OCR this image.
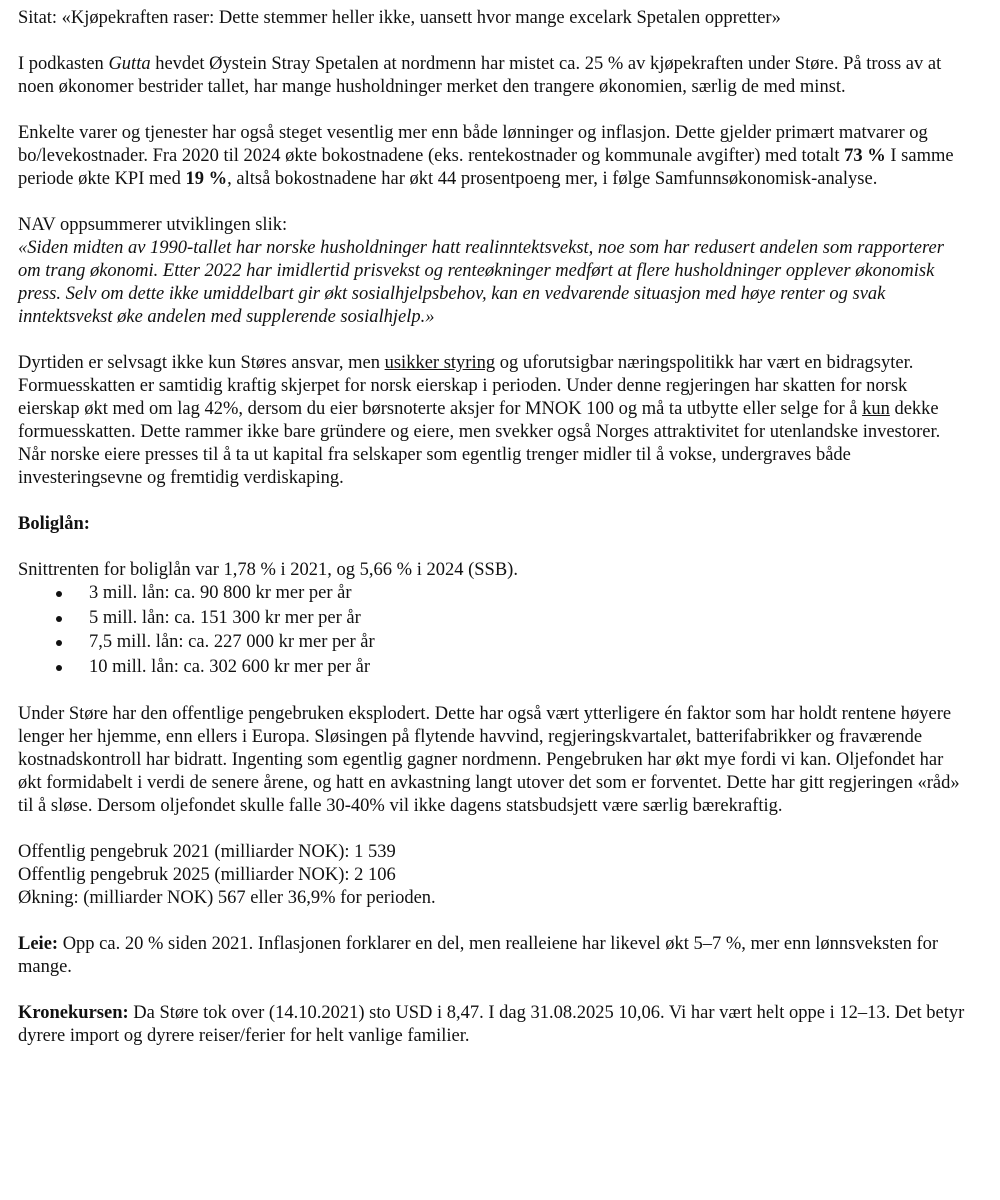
Sitat: «Kjøpekraften raser: Dette stemmer heller ikke, uansett hvor mange excelark Spetalen oppretter»

I podkasten Gutta hevdet Øystein Stray Spetalen at nordmenn har mistet ca. 25 % av kjøpekraften under Støre. På tross av at noen økonomer bestrider tallet, har mange husholdninger merket den trangere økonomien, særlig de med minst.

Enkelte varer og tjenester har også steget vesentlig mer enn både lønninger og inflasjon. Dette gjelder primært matvarer og bo/levekostnader. Fra 2020 til 2024 økte bokostnadene (eks. rentekostnader og kommunale avgifter) med totalt 73 % I samme periode økte KPI med 19 %, altså bokostnadene har økt 44 prosentpoeng mer, i følge Samfunnsøkonomisk-analyse.

NAV oppsummerer utviklingen slik:

«Siden midten av 1990-tallet har norske husholdninger hatt realinntektsvekst, noe som har redusert andelen som rapporterer om trang økonomi. Etter 2022 har imidlertid prisvekst og renteøkninger medført at flere husholdninger opplever økonomisk press. Selv om dette ikke umiddelbart gir økt sosialhjelpsbehov, kan en vedvarende situasjon med høye renter og svak inntektsvekst øke andelen med supplerende sosialhjelp.»

Dyrtiden er selvsagt ikke kun Støres ansvar, men usikker styring og uforutsigbar næringspolitikk har vært en bidragsyter. Formuesskatten er samtidig kraftig skjerpet for norsk eierskap i perioden. Under denne regjeringen har skatten for norsk eierskap økt med om lag 42%, dersom du eier børsnoterte aksjer for MNOK 100 og må ta utbytte eller selge for å kun dekke formuesskatten. Dette rammer ikke bare gründere og eiere, men svekker også Norges attraktivitet for utenlandske investorer. Når norske eiere presses til å ta ut kapital fra selskaper som egentlig trenger midler til å vokse, undergraves både investeringsevne og fremtidig verdiskaping.

Boliglån:

Snittrenten for boliglån var 1,78 % i 2021, og 5,66 % i 2024 (SSB).

3 mill. lån: ca. 90 800 kr mer per år
5 mill. lån: ca. 151 300 kr mer per år
7,5 mill. lån: ca. 227 000 kr mer per år
10 mill. lån: ca. 302 600 kr mer per år

Under Støre har den offentlige pengebruken eksplodert. Dette har også vært ytterligere én faktor som har holdt rentene høyere lenger her hjemme, enn ellers i Europa. Sløsingen på flytende havvind, regjeringskvartalet, batterifabrikker og fraværende kostnadskontroll har bidratt. Ingenting som egentlig gagner nordmenn. Pengebruken har økt mye fordi vi kan. Oljefondet har økt formidabelt i verdi de senere årene, og hatt en avkastning langt utover det som er forventet. Dette har gitt regjeringen «råd» til å sløse. Dersom oljefondet skulle falle 30-40% vil ikke dagens statsbudsjett være særlig bærekraftig.

Offentlig pengebruk 2021 (milliarder NOK): 1 539

Offentlig pengebruk 2025 (milliarder NOK): 2 106

Økning: (milliarder NOK) 567 eller 36,9% for perioden.

Leie: Opp ca. 20 % siden 2021. Inflasjonen forklarer en del, men realleiene har likevel økt 5–7 %, mer enn lønnsveksten for mange.

Kronekursen: Da Støre tok over (14.10.2021) sto USD i 8,47. I dag 31.08.2025 10,06. Vi har vært helt oppe i 12–13. Det betyr dyrere import og dyrere reiser/ferier for helt vanlige familier.
